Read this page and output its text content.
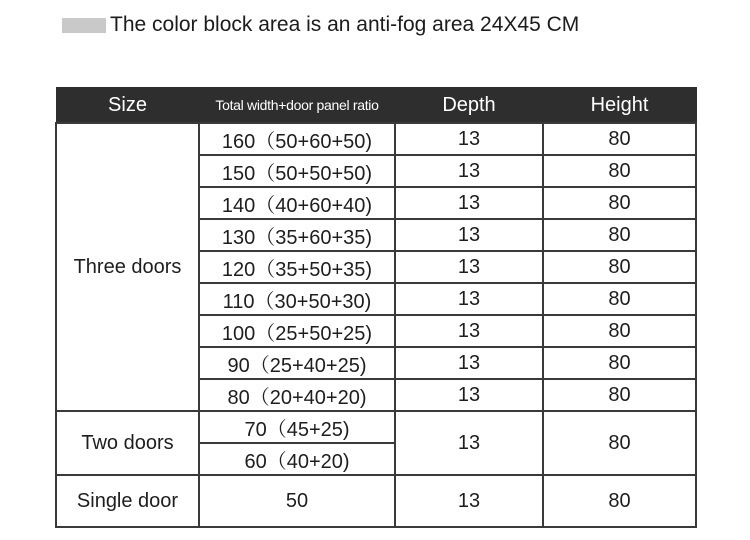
The color block area is an anti-fog area 24X45 CM
Size	Total width+door panel ratio	Depth	Height
Three doors	160（50+60+50)	13	80
	150（50+50+50)	13	80
	140（40+60+40)	13	80
	130（35+60+35)	13	80
	120（35+50+35)	13	80
	110（30+50+30)	13	80
	100（25+50+25)	13	80
	90（25+40+25)	13	80
	80（20+40+20)	13	80
Two doors	70（45+25)	13	80
	60（40+20)		
Single door	50	13	80
